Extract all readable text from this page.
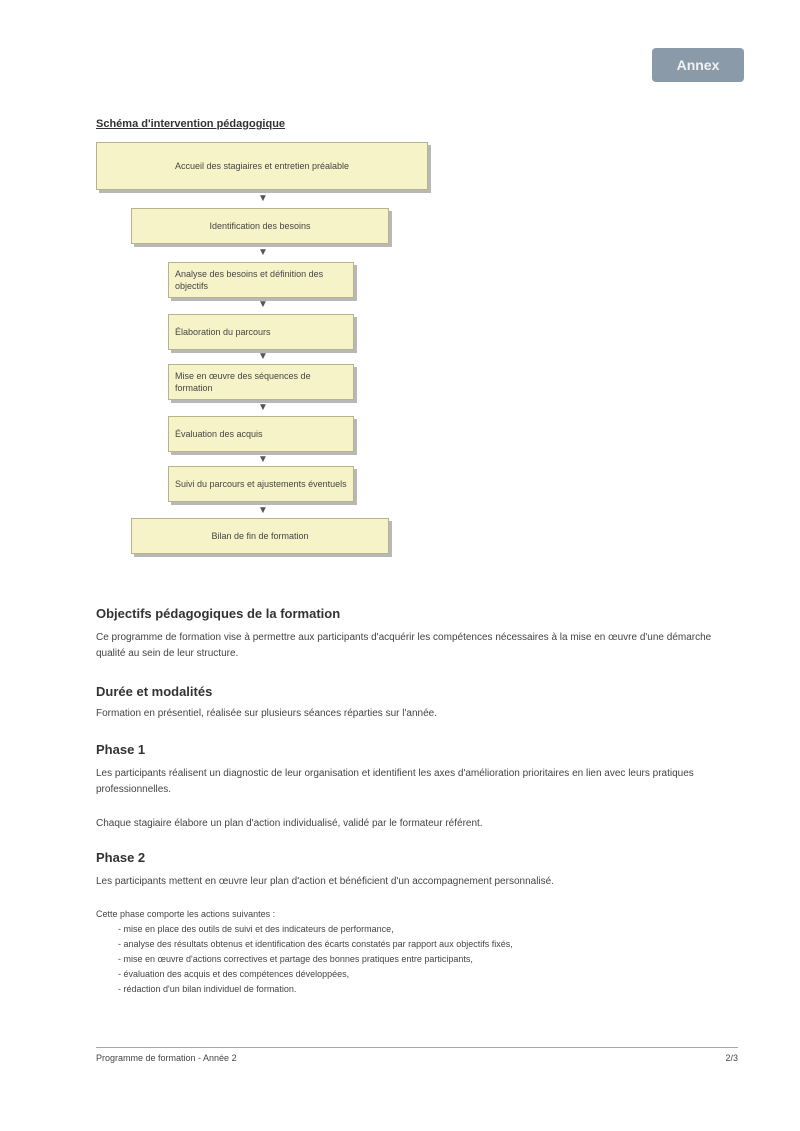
Annex
Schéma d'intervention pédagogique
Accueil des stagiaires et entretien préalable
▼
Identification des besoins
▼
Analyse des besoins et définition des objectifs
▼
Élaboration du parcours
▼
Mise en œuvre des séquences de formation
▼
Évaluation des acquis
▼
Suivi du parcours et ajustements éventuels
▼
Bilan de fin de formation
Objectifs pédagogiques de la formation
Ce programme de formation vise à permettre aux participants d'acquérir les compétences nécessaires à la mise en œuvre d'une démarche qualité au sein de leur structure.
Durée et modalités
Formation en présentiel, réalisée sur plusieurs séances réparties sur l'année.
Phase 1
Les participants réalisent un diagnostic de leur organisation et identifient les axes d'amélioration prioritaires en lien avec leurs pratiques professionnelles.
Chaque stagiaire élabore un plan d'action individualisé, validé par le formateur référent.
Phase 2
Les participants mettent en œuvre leur plan d'action et bénéficient d'un accompagnement personnalisé.
Cette phase comporte les actions suivantes :
- mise en place des outils de suivi et des indicateurs de performance,
- analyse des résultats obtenus et identification des écarts constatés par rapport aux objectifs fixés,
- mise en œuvre d'actions correctives et partage des bonnes pratiques entre participants,
- évaluation des acquis et des compétences développées,
- rédaction d'un bilan individuel de formation.
Programme de formation - Année 2	2/3
